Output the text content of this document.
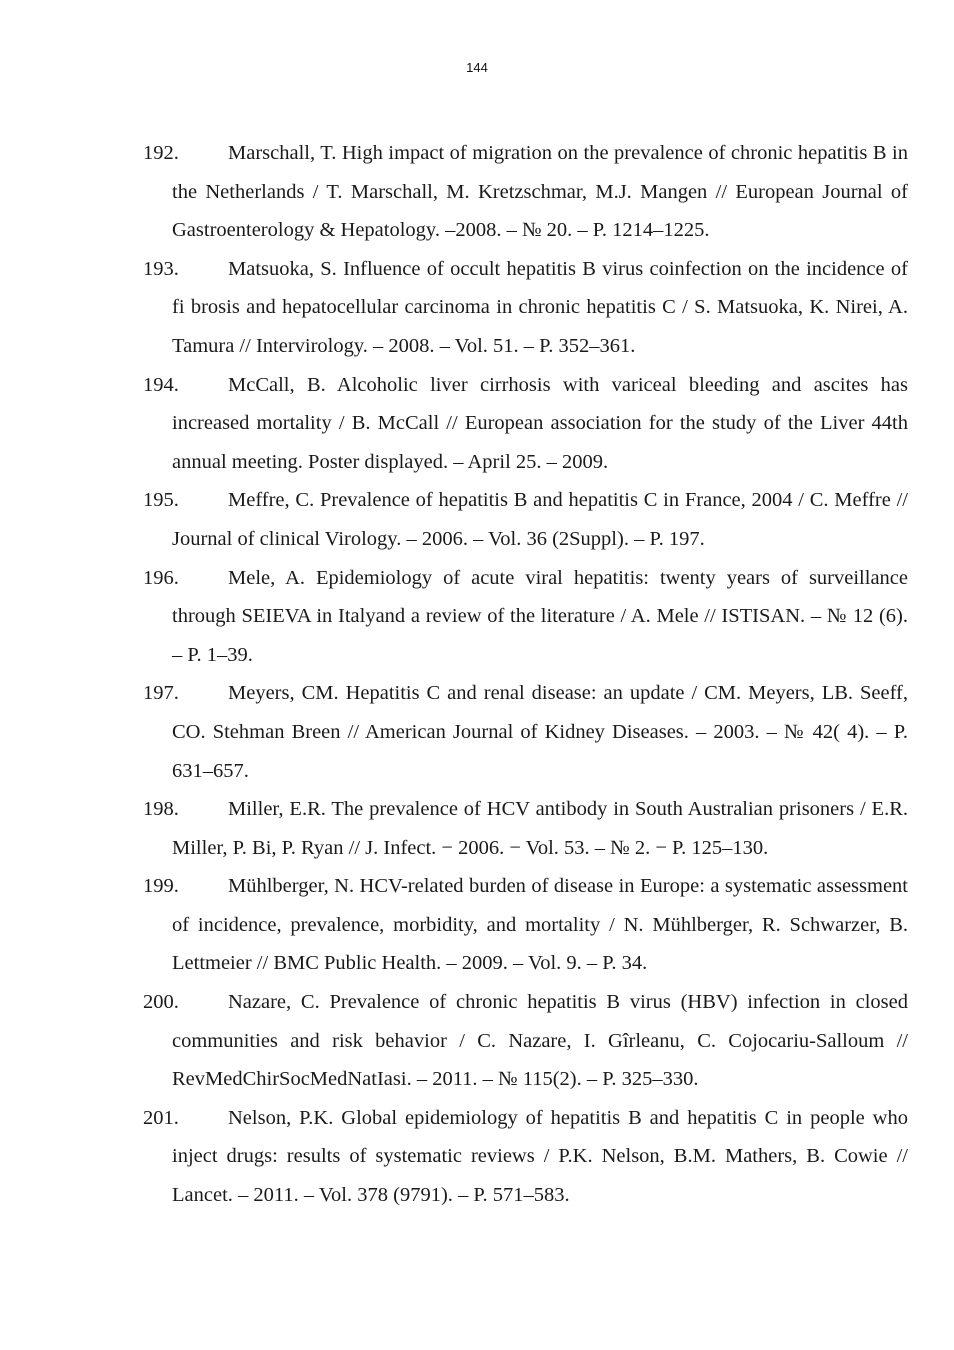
144
192. Marschall, T. High impact of migration on the prevalence of chronic hepatitis B in the Netherlands / T. Marschall, M. Kretzschmar, M.J. Mangen // European Journal of Gastroenterology & Hepatology. –2008. – № 20. – P. 1214–1225.
193. Matsuoka, S. Influence of occult hepatitis B virus coinfection on the incidence of fi brosis and hepatocellular carcinoma in chronic hepatitis C / S. Matsuoka, K. Nirei, A. Tamura // Intervirology. – 2008. – Vol. 51. – P. 352–361.
194. McCall, B. Alcoholic liver cirrhosis with variceal bleeding and ascites has increased mortality / B. McCall // European association for the study of the Liver 44th annual meeting. Poster displayed. – April 25. – 2009.
195. Meffre, C. Prevalence of hepatitis B and hepatitis C in France, 2004 / C. Meffre // Journal of clinical Virology. – 2006. – Vol. 36 (2Suppl). – P. 197.
196. Mele, A. Epidemiology of acute viral hepatitis: twenty years of surveillance through SEIEVA in Italyand a review of the literature / A. Mele // ISTISAN. – № 12 (6). – P. 1–39.
197. Meyers, CM. Hepatitis C and renal disease: an update / CM. Meyers, LB. Seeff, CO. Stehman Breen // American Journal of Kidney Diseases. – 2003. – № 42( 4). – P. 631–657.
198. Miller, E.R. The prevalence of HCV antibody in South Australian prisoners / E.R. Miller, P. Bi, P. Ryan // J. Infect. − 2006. − Vol. 53. – № 2. − P. 125–130.
199. Mühlberger, N. HCV-related burden of disease in Europe: a systematic assessment of incidence, prevalence, morbidity, and mortality / N. Mühlberger, R. Schwarzer, B. Lettmeier // BMC Public Health. – 2009. – Vol. 9. – P. 34.
200. Nazare, C. Prevalence of chronic hepatitis B virus (HBV) infection in closed communities and risk behavior / C. Nazare, I. Gîrleanu, C. Cojocariu-Salloum // RevMedChirSocMedNatIasi. – 2011. – № 115(2). – P. 325–330.
201. Nelson, P.K. Global epidemiology of hepatitis B and hepatitis C in people who inject drugs: results of systematic reviews / P.K. Nelson, B.M. Mathers, B. Cowie // Lancet. – 2011. – Vol. 378 (9791). – P. 571–583.
